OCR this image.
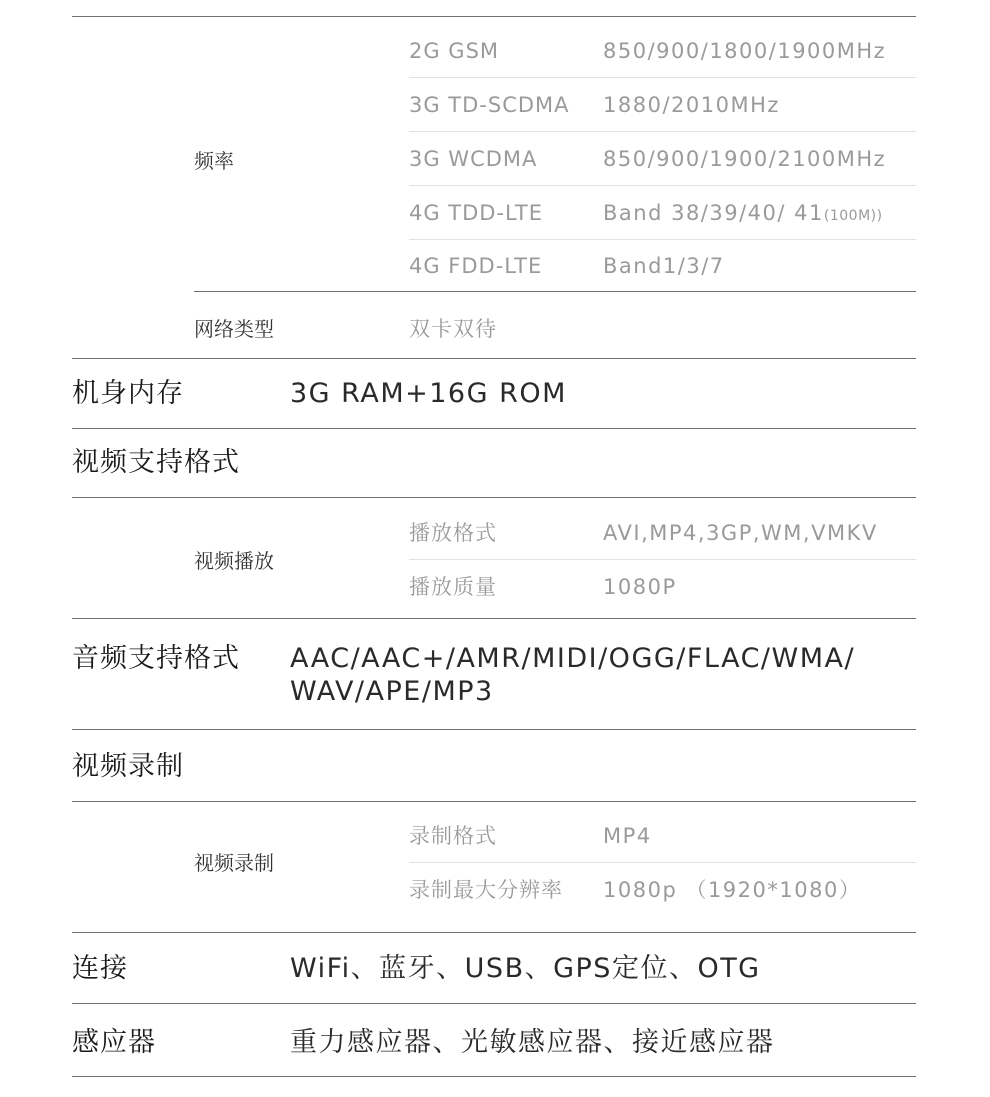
频率
2G GSM	850/900/1800/1900MHz
3G TD-SCDMA 1880/2010MHz
3G WCDMA	850/900/1900/2100MHz
4G TDD-LTE	Band 38/39/40/ 41(100M))
4G FDD-LTE	Band1/3/7
网络类型	双卡双待
机身内存	3G RAM+16G ROM
视频支持格式
视频播放
播放格式	AVI,MP4,3GP,WM,VMKV
播放质量	1080P
音频支持格式 AAC/AAC+/AMR/MIDI/OGG/FLAC/WMA/
WAV/APE/MP3
视频录制
视频录制
录制格式	MP4
录制最大分辨率 1080p （1920*1080）
连接	WiFi、蓝牙、USB、GPS定位、OTG
感应器	重力感应器、光敏感应器、接近感应器
